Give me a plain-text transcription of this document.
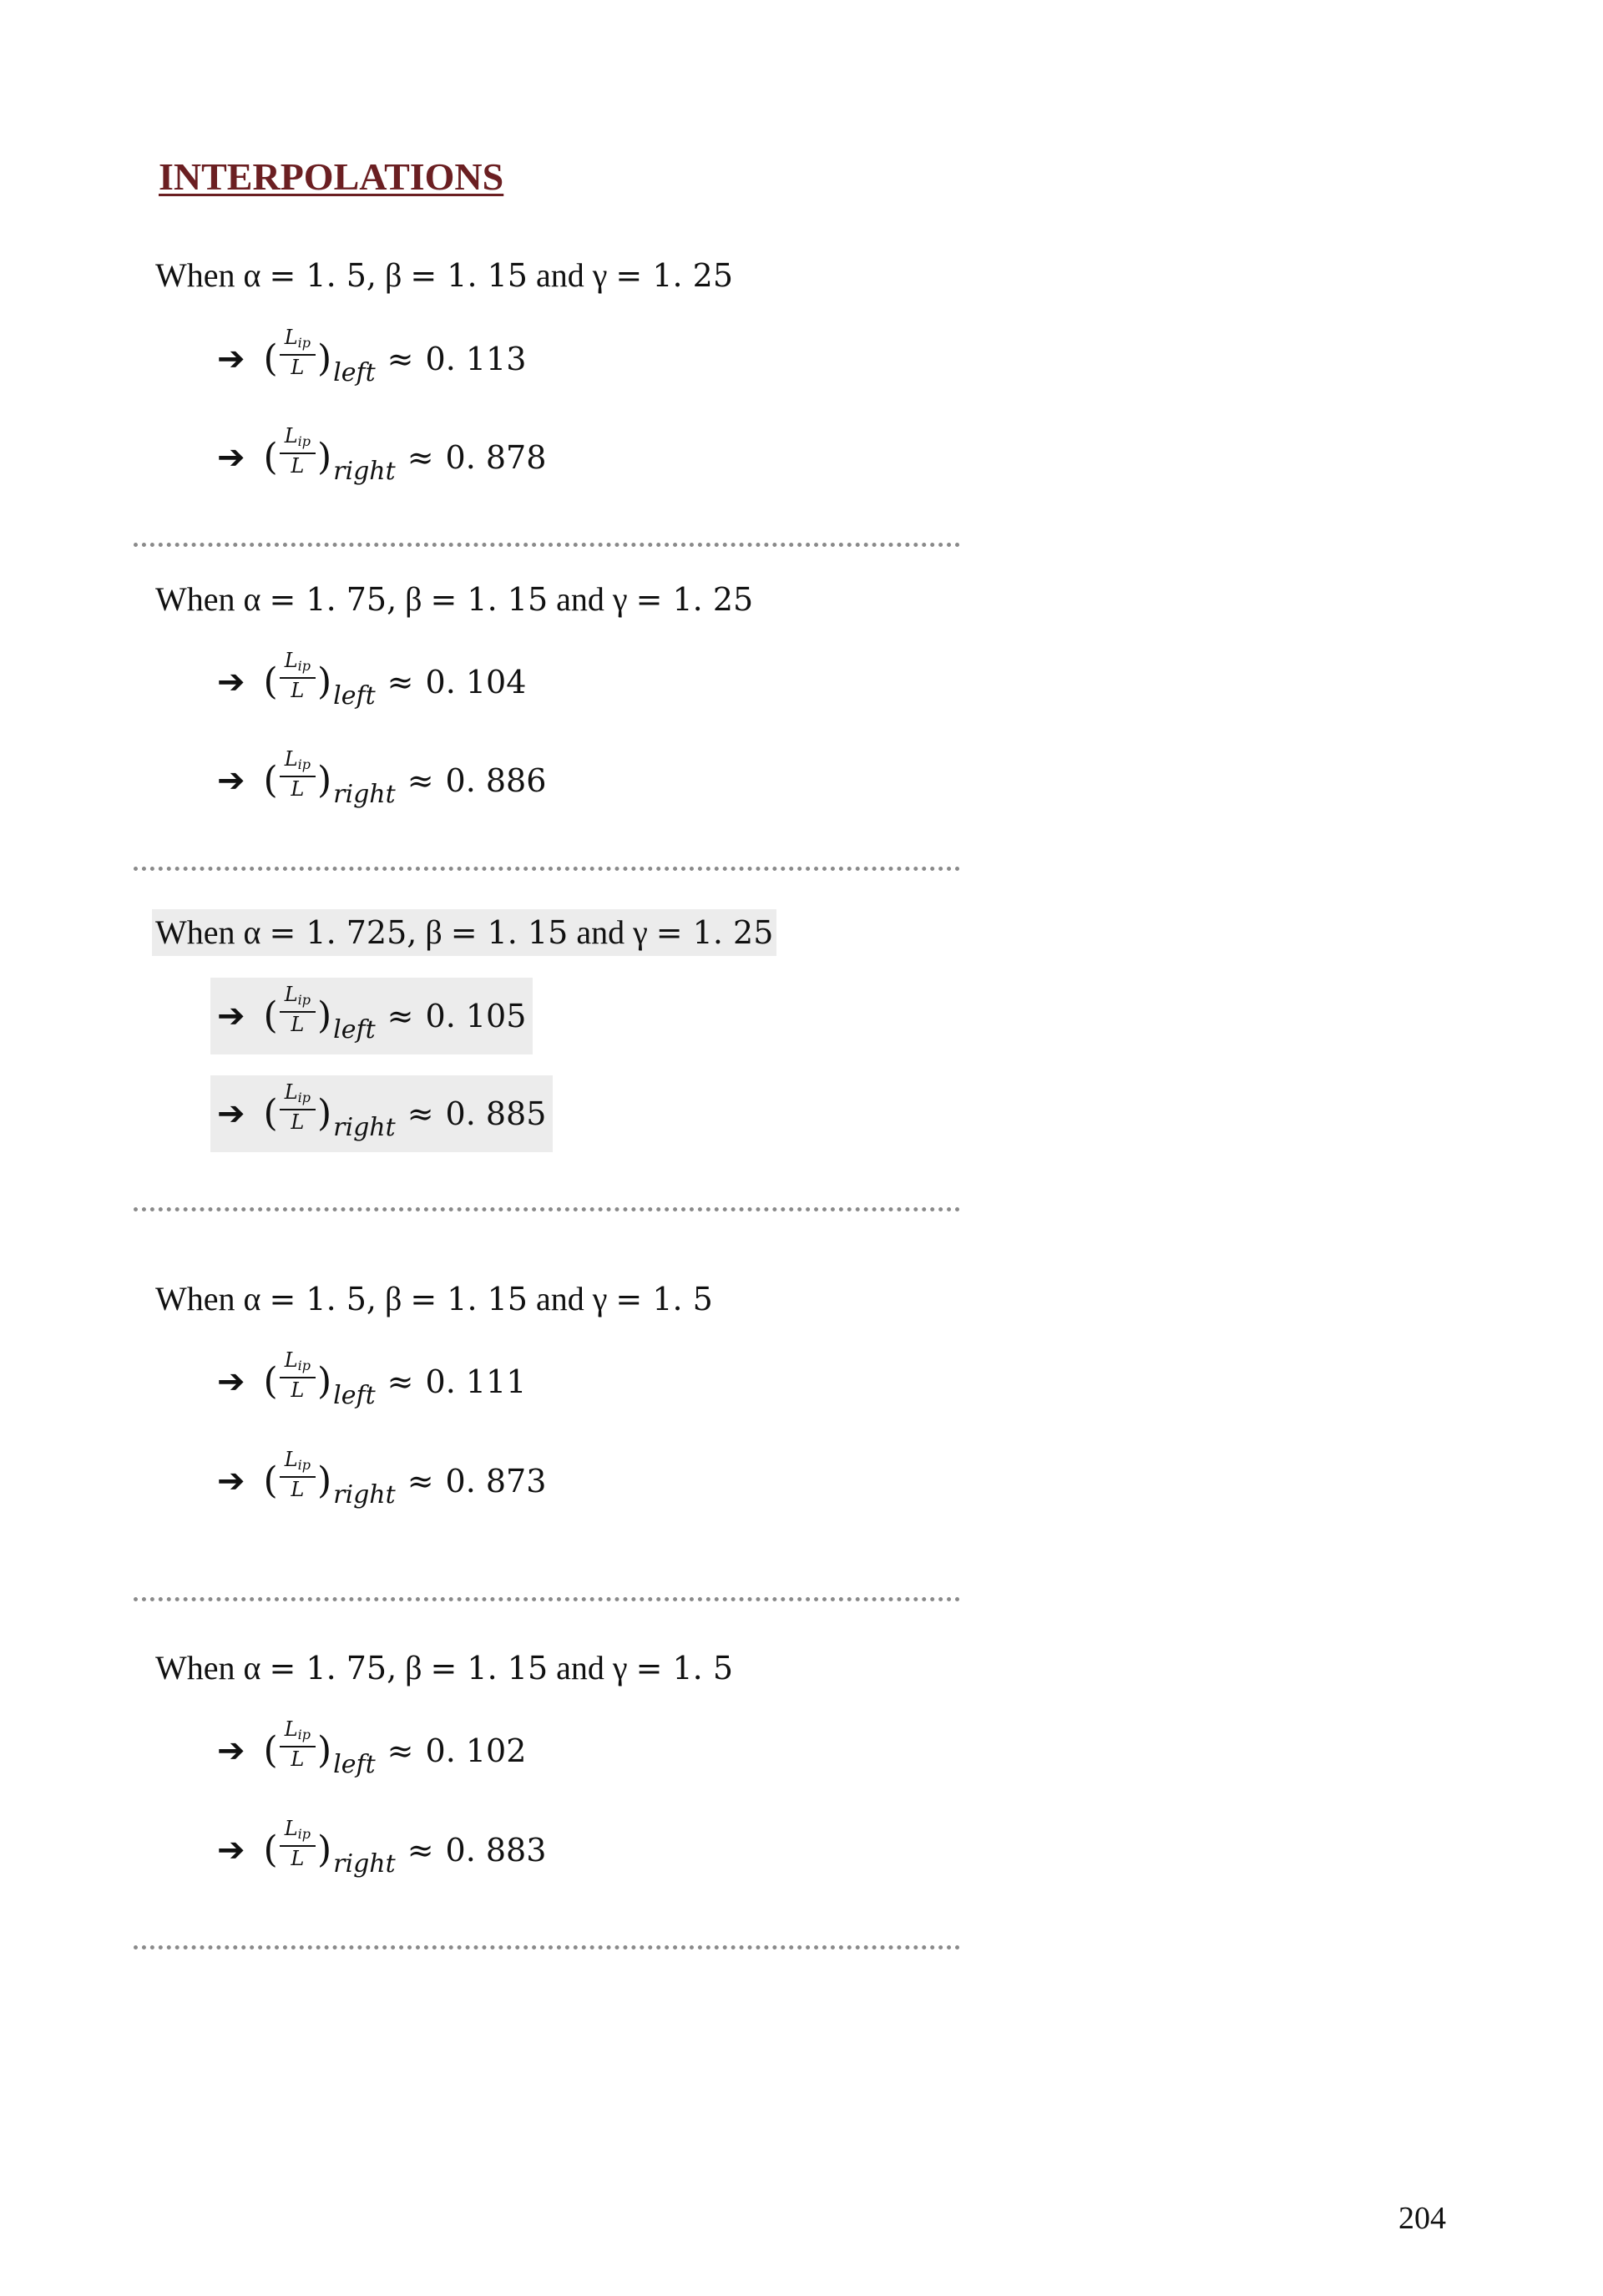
INTERPOLATIONS
When α = 1. 5, β = 1. 15 and γ = 1. 25
➔ ( $\frac{L_{ip}}{L}$ ) left ≈ 0. 113
➔ ( $\frac{L_{ip}}{L}$ ) right ≈ 0. 878
When α = 1. 75, β = 1. 15 and γ = 1. 25
➔ ( $\frac{L_{ip}}{L}$ ) left ≈ 0. 104
➔ ( $\frac{L_{ip}}{L}$ ) right ≈ 0. 886
When α = 1. 725, β = 1. 15 and γ = 1. 25
➔ ( $\frac{L_{ip}}{L}$ ) left ≈ 0. 105
➔ ( $\frac{L_{ip}}{L}$ ) right ≈ 0. 885
When α = 1. 5, β = 1. 15 and γ = 1. 5
➔ ( $\frac{L_{ip}}{L}$ ) left ≈ 0. 111
➔ ( $\frac{L_{ip}}{L}$ ) right ≈ 0. 873
When α = 1. 75, β = 1. 15 and γ = 1. 5
➔ ( $\frac{L_{ip}}{L}$ ) left ≈ 0. 102
➔ ( $\frac{L_{ip}}{L}$ ) right ≈ 0. 883
204
